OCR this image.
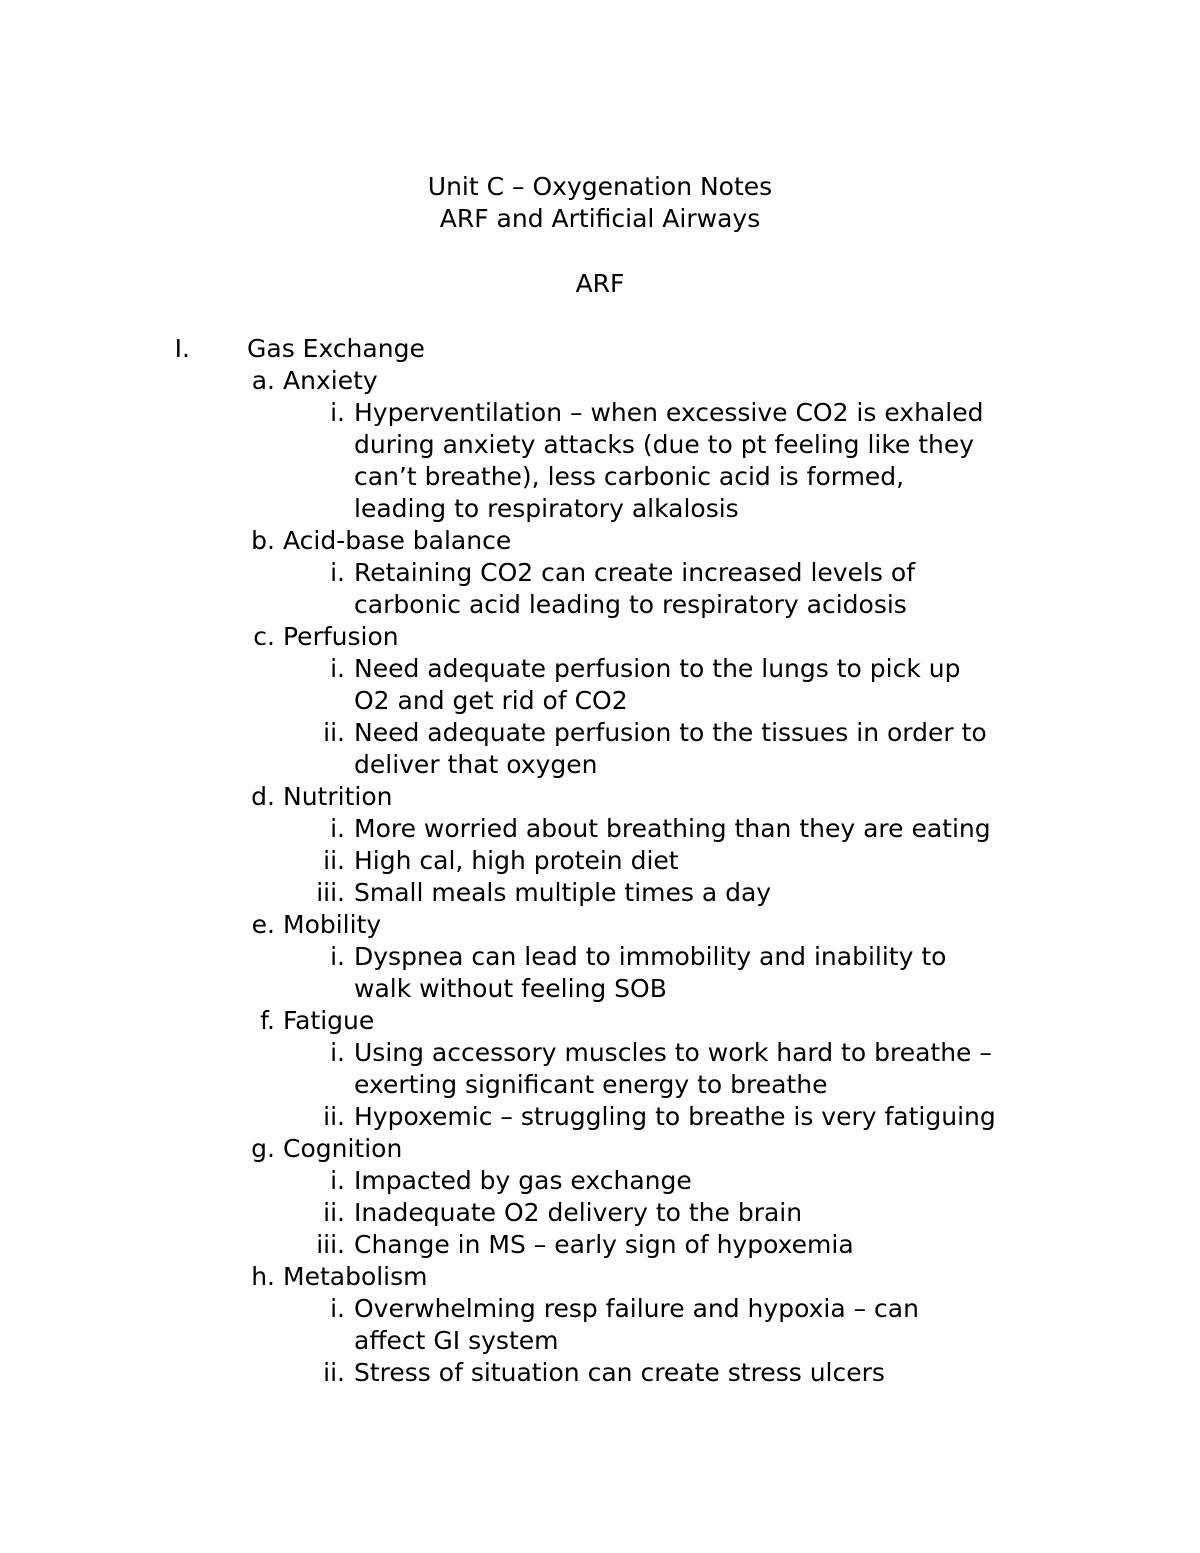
Unit C – Oxygenation Notes
ARF and Artificial Airways
ARF
I. Gas Exchange
a. Anxiety
i. Hyperventilation – when excessive CO2 is exhaled
during anxiety attacks (due to pt feeling like they
can’t breathe), less carbonic acid is formed,
leading to respiratory alkalosis
b. Acid-base balance
i. Retaining CO2 can create increased levels of
carbonic acid leading to respiratory acidosis
c. Perfusion
i. Need adequate perfusion to the lungs to pick up
O2 and get rid of CO2
ii. Need adequate perfusion to the tissues in order to
deliver that oxygen
d. Nutrition
i. More worried about breathing than they are eating
ii. High cal, high protein diet
iii. Small meals multiple times a day
e. Mobility
i. Dyspnea can lead to immobility and inability to
walk without feeling SOB
f. Fatigue
i. Using accessory muscles to work hard to breathe –
exerting significant energy to breathe
ii. Hypoxemic – struggling to breathe is very fatiguing
g. Cognition
i. Impacted by gas exchange
ii. Inadequate O2 delivery to the brain
iii. Change in MS – early sign of hypoxemia
h. Metabolism
i. Overwhelming resp failure and hypoxia – can
affect GI system
ii. Stress of situation can create stress ulcers
